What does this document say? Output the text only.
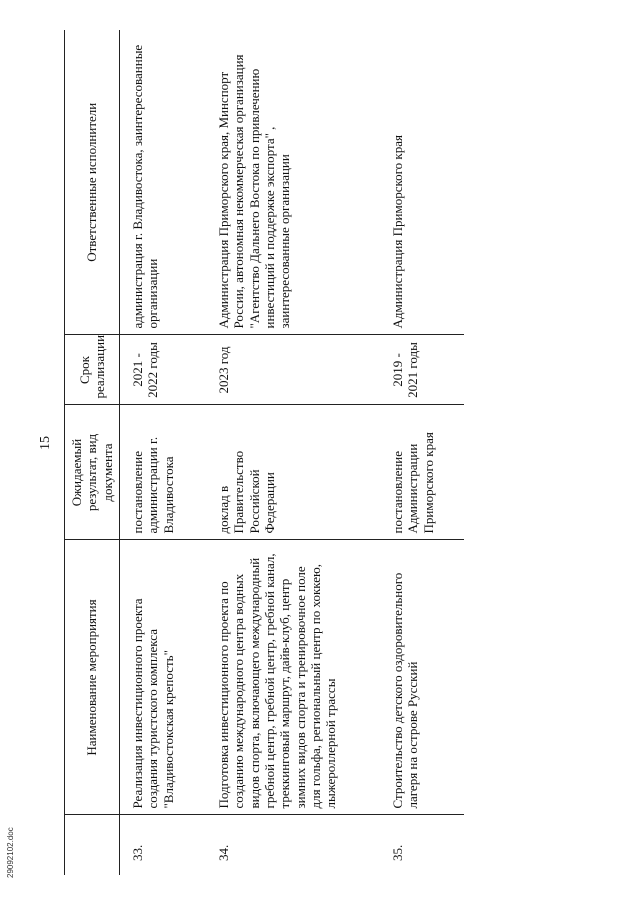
15
	Наименование мероприятия	Ожидаемый результат, вид документа	Срок реализации	Ответственные исполнители
33.	Реализация инвестиционного проекта создания туристского комплекса "Владивостокская крепость"	постановление администрации г. Владивостока	2021 - 2022 годы	администрация г. Владивостока, заинтересованные организации
34.	Подготовка инвестиционного проекта по созданию международного центра водных видов спорта, включающего международный гребной центр, гребной центр, гребной канал, треккинговый маршрут, дайв-клуб, центр зимних видов спорта и тренировочное поле для гольфа, региональный центр по хоккею, лыжероллерной трассы	доклад в Правительство Российской Федерации	2023 год	Администрация Приморского края, Минспорт России, автономная некоммерческая организация "Агентство Дальнего Востока по привлечению инвестиций и поддержке экспорта" , заинтересованные организации
35.	Строительство детского оздоровительного лагеря на острове Русский	постановление Администрации Приморского края	2019 - 2021 годы	Администрация Приморского края
29092102.doc
